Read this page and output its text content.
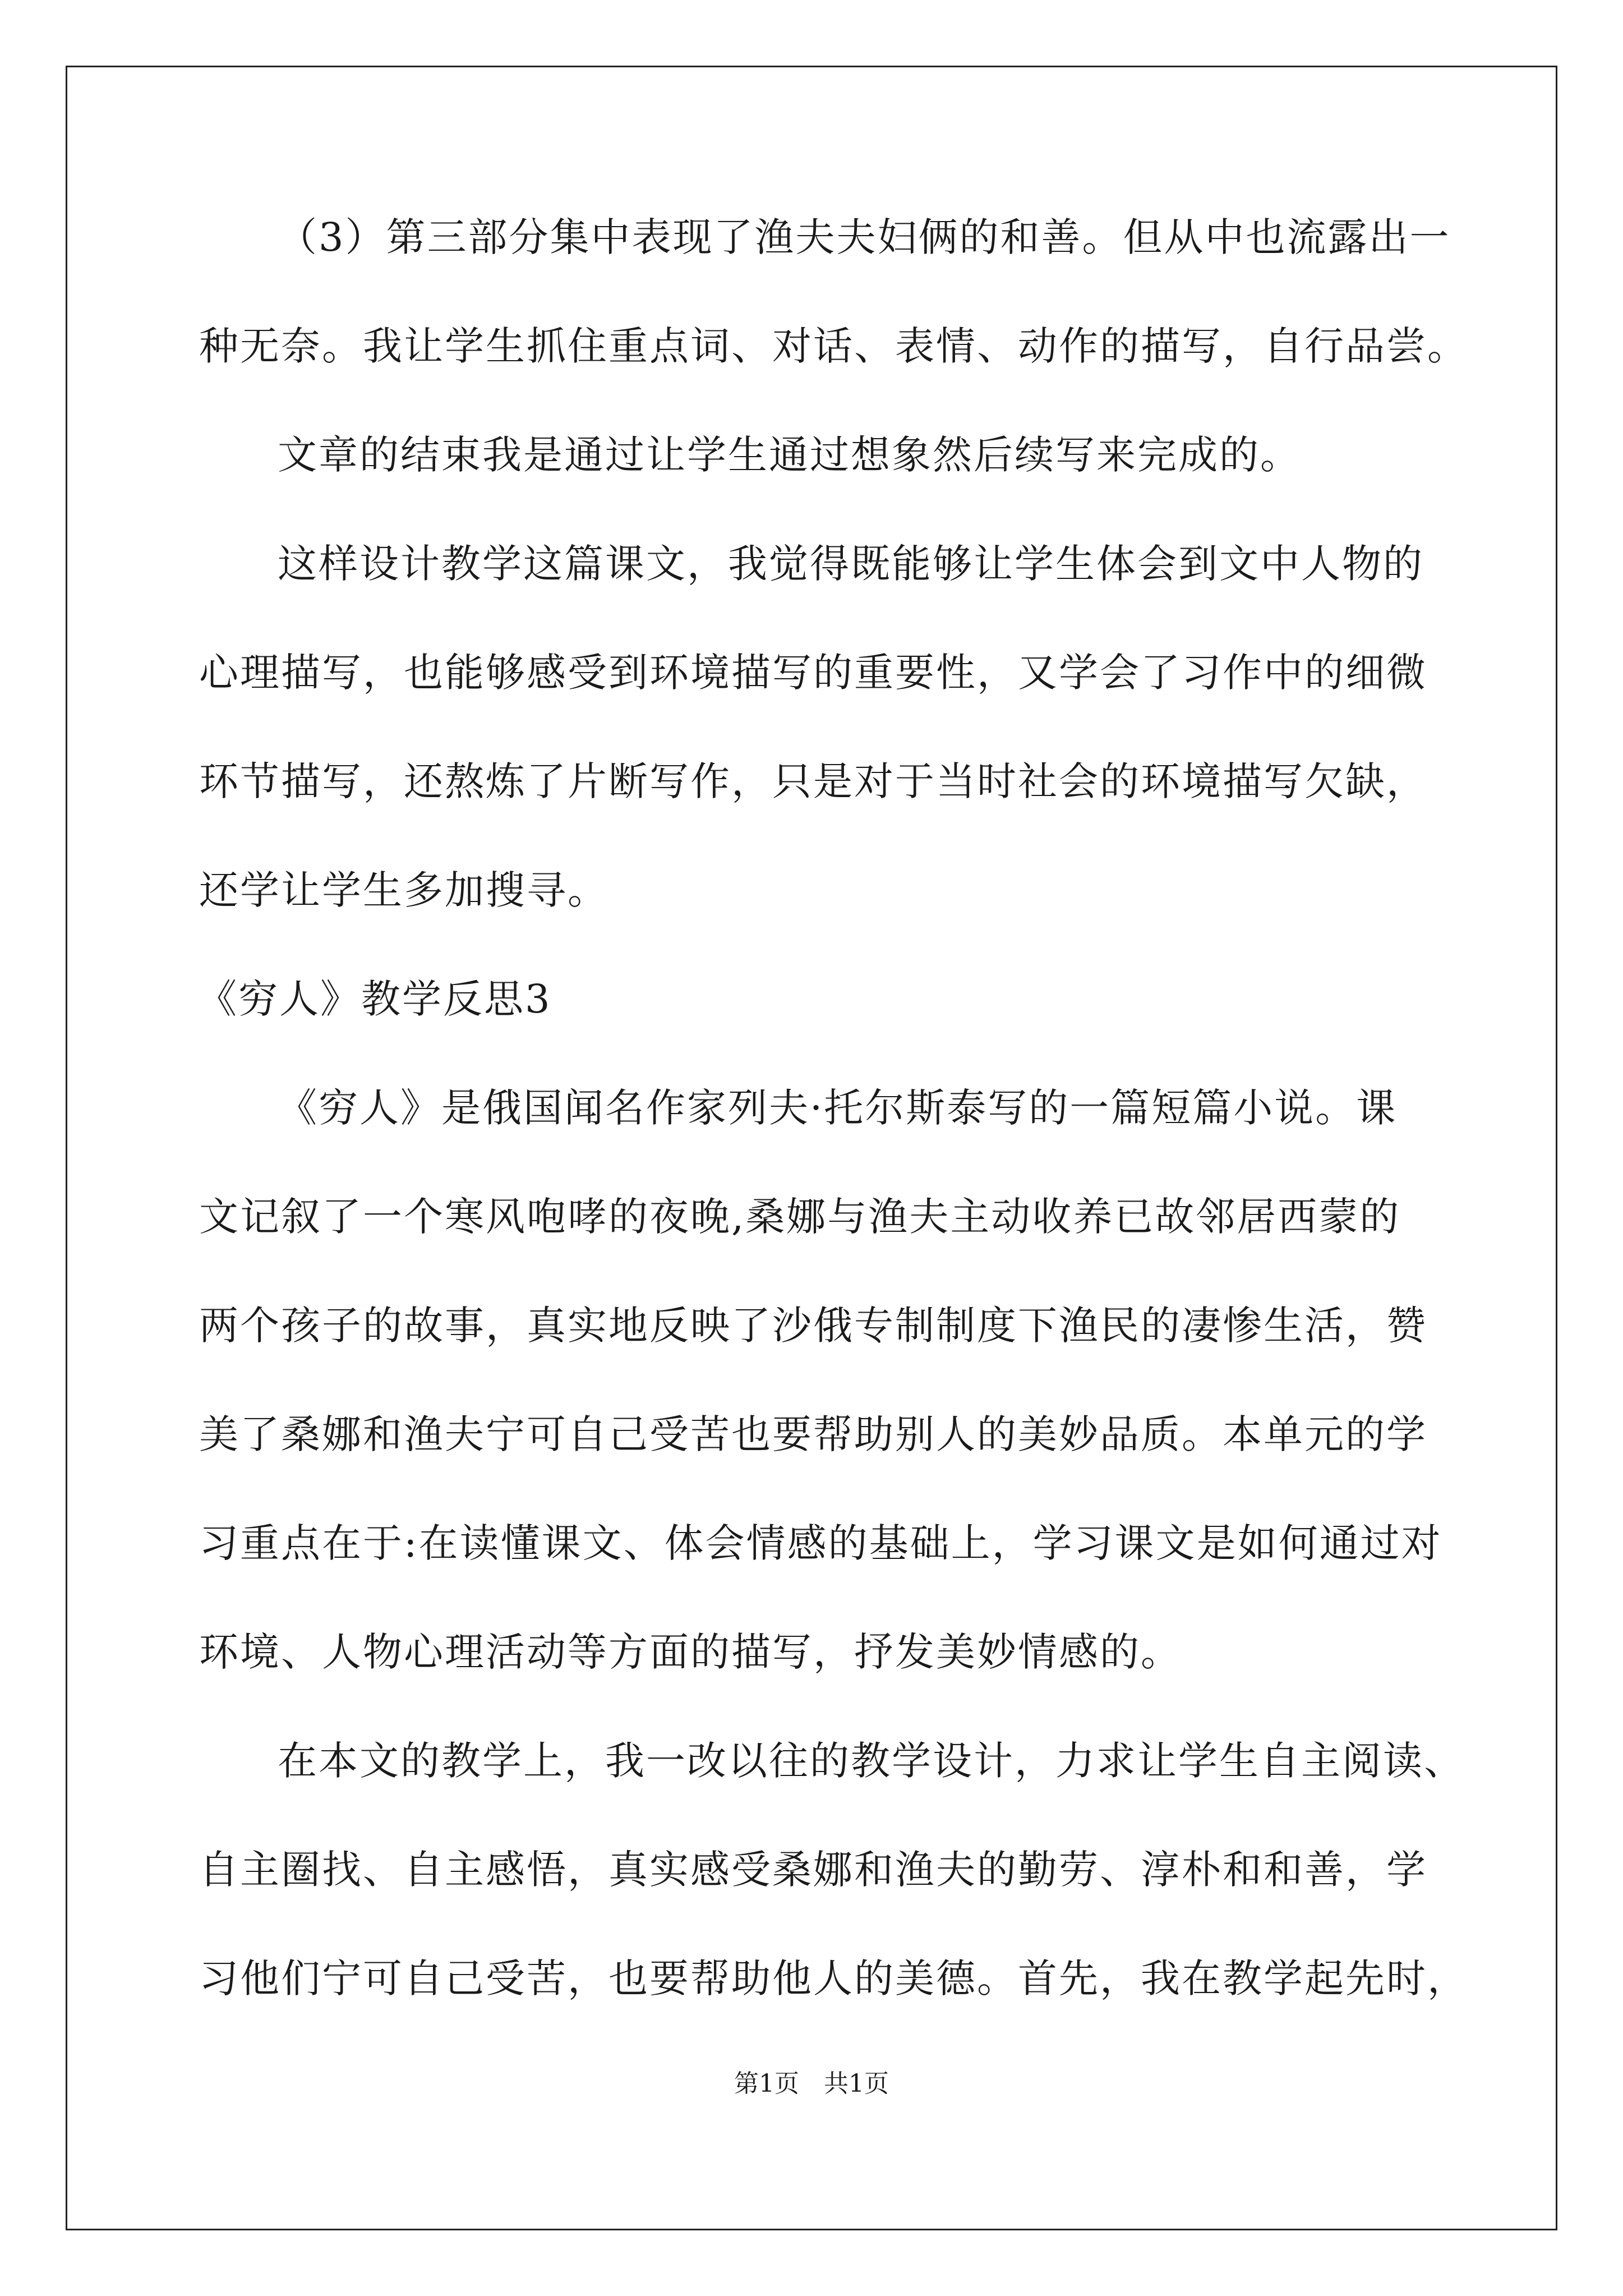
（3）第三部分集中表现了渔夫夫妇俩的和善。但从中也流露出一
种无奈。我让学生抓住重点词、对话、表情、动作的描写，自行品尝。
文章的结束我是通过让学生通过想象然后续写来完成的。
这样设计教学这篇课文，我觉得既能够让学生体会到文中人物的
心理描写，也能够感受到环境描写的重要性，又学会了习作中的细微
环节描写，还熬炼了片断写作，只是对于当时社会的环境描写欠缺，
还学让学生多加搜寻。
《穷人》教学反思3
《穷人》是俄国闻名作家列夫·托尔斯泰写的一篇短篇小说。课
文记叙了一个寒风咆哮的夜晚,桑娜与渔夫主动收养已故邻居西蒙的
两个孩子的故事，真实地反映了沙俄专制制度下渔民的凄惨生活，赞
美了桑娜和渔夫宁可自己受苦也要帮助别人的美妙品质。本单元的学
习重点在于:在读懂课文、体会情感的基础上，学习课文是如何通过对
环境、人物心理活动等方面的描写，抒发美妙情感的。
在本文的教学上，我一改以往的教学设计，力求让学生自主阅读、
自主圈找、自主感悟，真实感受桑娜和渔夫的勤劳、淳朴和和善，学
习他们宁可自己受苦，也要帮助他人的美德。首先，我在教学起先时，
第1页　共1页
